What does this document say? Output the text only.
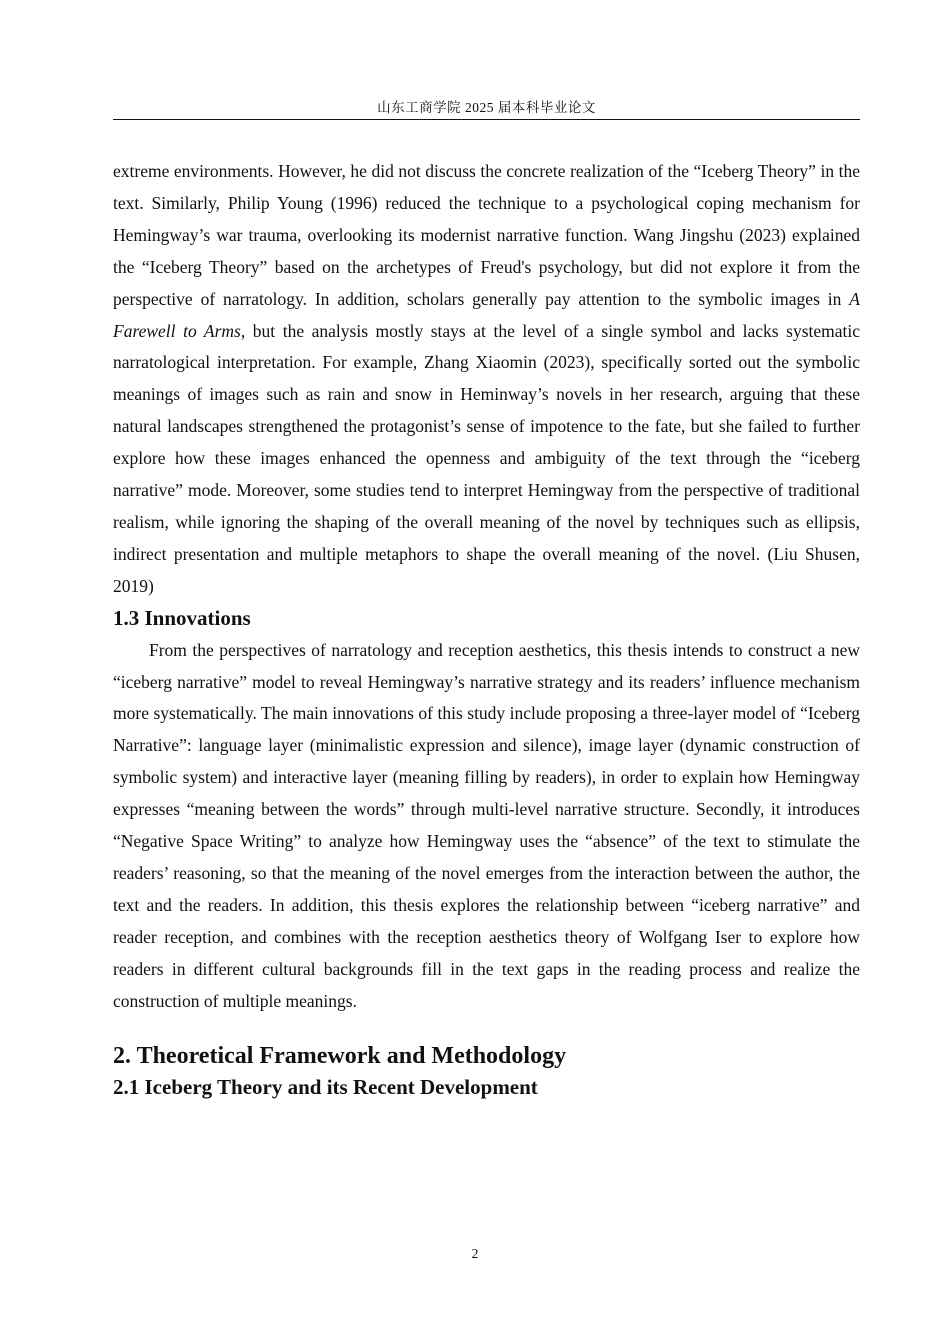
山东工商学院 2025 届本科毕业论文

extreme environments. However, he did not discuss the concrete realization of the “Iceberg Theory” in the text. Similarly, Philip Young (1996) reduced the technique to a psychological coping mechanism for Hemingway’s war trauma, overlooking its modernist narrative function. Wang Jingshu (2023) explained the “Iceberg Theory” based on the archetypes of Freud's psychology, but did not explore it from the perspective of narratology. In addition, scholars generally pay attention to the symbolic images in A Farewell to Arms, but the analysis mostly stays at the level of a single symbol and lacks systematic narratological interpretation. For example, Zhang Xiaomin (2023), specifically sorted out the symbolic meanings of images such as rain and snow in Heminway’s novels in her research, arguing that these natural landscapes strengthened the protagonist’s sense of impotence to the fate, but she failed to further explore how these images enhanced the openness and ambiguity of the text through the “iceberg narrative” mode. Moreover, some studies tend to interpret Hemingway from the perspective of traditional realism, while ignoring the shaping of the overall meaning of the novel by techniques such as ellipsis, indirect presentation and multiple metaphors to shape the overall meaning of the novel. (Liu Shusen, 2019)

1.3 Innovations

From the perspectives of narratology and reception aesthetics, this thesis intends to construct a new “iceberg narrative” model to reveal Hemingway’s narrative strategy and its readers’ influence mechanism more systematically. The main innovations of this study include proposing a three-layer model of “Iceberg Narrative”: language layer (minimalistic expression and silence), image layer (dynamic construction of symbolic system) and interactive layer (meaning filling by readers), in order to explain how Hemingway expresses “meaning between the words” through multi-level narrative structure. Secondly, it introduces “Negative Space Writing” to analyze how Hemingway uses the “absence” of the text to stimulate the readers’ reasoning, so that the meaning of the novel emerges from the interaction between the author, the text and the readers. In addition, this thesis explores the relationship between “iceberg narrative” and reader reception, and combines with the reception aesthetics theory of Wolfgang Iser to explore how readers in different cultural backgrounds fill in the text gaps in the reading process and realize the construction of multiple meanings.

2. Theoretical Framework and Methodology
2.1 Iceberg Theory and its Recent Development
2
